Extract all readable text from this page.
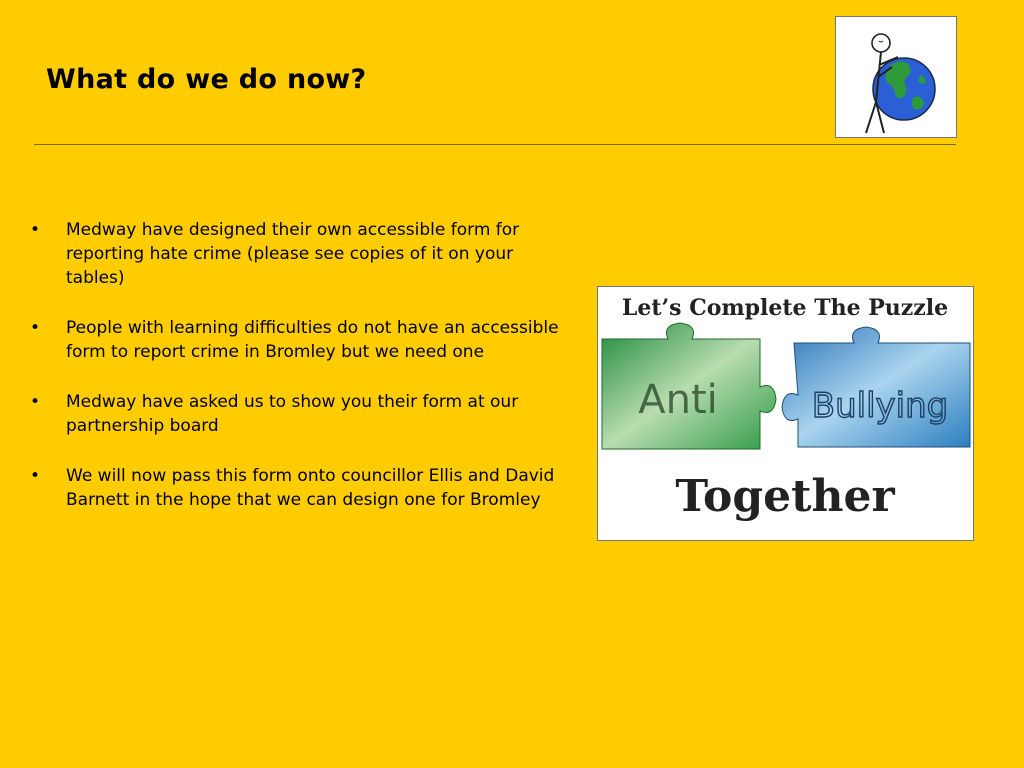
What do we do now?
• Medway have designed their own accessible form for reporting hate crime (please see copies of it on your tables)
• People with learning difficulties do not have an accessible form to report crime in Bromley but we need one
• Medway have asked us to show you their form at our partnership board
• We will now pass this form onto councillor Ellis and David Barnett in the hope that we can design one for Bromley
Let’s Complete The Puzzle
Anti	Bullying
Together
